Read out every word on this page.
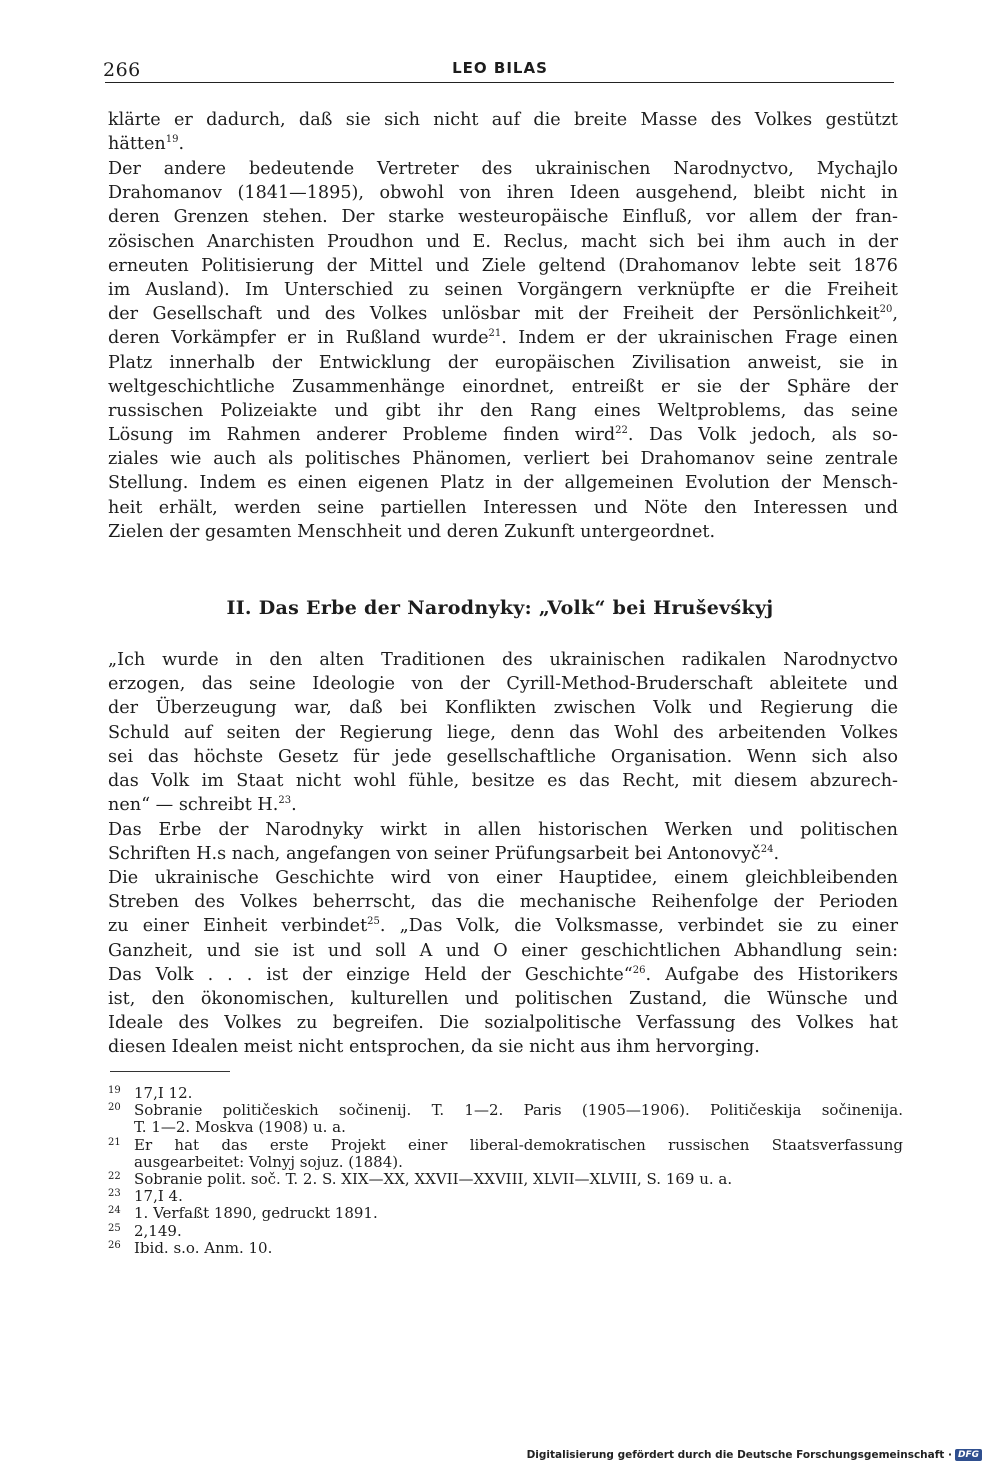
266	LEO BILAS
klärte er dadurch, daß sie sich nicht auf die breite Masse des Volkes gestützt
hätten$^{19}$.
Der andere bedeutende Vertreter des ukrainischen Narodnyctvo, Mychajlo
Drahomanov (1841—1895), obwohl von ihren Ideen ausgehend, bleibt nicht in
deren Grenzen stehen. Der starke westeuropäische Einfluß, vor allem der fran-
zösischen Anarchisten Proudhon und E. Reclus, macht sich bei ihm auch in der
erneuten Politisierung der Mittel und Ziele geltend (Drahomanov lebte seit 1876
im Ausland). Im Unterschied zu seinen Vorgängern verknüpfte er die Freiheit
der Gesellschaft und des Volkes unlösbar mit der Freiheit der Persönlichkeit$^{20}$,
deren Vorkämpfer er in Rußland wurde$^{21}$. Indem er der ukrainischen Frage einen
Platz innerhalb der Entwicklung der europäischen Zivilisation anweist, sie in
weltgeschichtliche Zusammenhänge einordnet, entreißt er sie der Sphäre der
russischen Polizeiakte und gibt ihr den Rang eines Weltproblems, das seine
Lösung im Rahmen anderer Probleme finden wird$^{22}$. Das Volk jedoch, als so-
ziales wie auch als politisches Phänomen, verliert bei Drahomanov seine zentrale
Stellung. Indem es einen eigenen Platz in der allgemeinen Evolution der Mensch-
heit erhält, werden seine partiellen Interessen und Nöte den Interessen und
Zielen der gesamten Menschheit und deren Zukunft untergeordnet.
II. Das Erbe der Narodnyky: „Volk“ bei Hruševśkyj
„Ich wurde in den alten Traditionen des ukrainischen radikalen Narodnyctvo
erzogen, das seine Ideologie von der Cyrill-Method-Bruderschaft ableitete und
der Überzeugung war, daß bei Konflikten zwischen Volk und Regierung die
Schuld auf seiten der Regierung liege, denn das Wohl des arbeitenden Volkes
sei das höchste Gesetz für jede gesellschaftliche Organisation. Wenn sich also
das Volk im Staat nicht wohl fühle, besitze es das Recht, mit diesem abzurech-
nen“ — schreibt H.$^{23}$.
Das Erbe der Narodnyky wirkt in allen historischen Werken und politischen
Schriften H.s nach, angefangen von seiner Prüfungsarbeit bei Antonovyč$^{24}$.
Die ukrainische Geschichte wird von einer Hauptidee, einem gleichbleibenden
Streben des Volkes beherrscht, das die mechanische Reihenfolge der Perioden
zu einer Einheit verbindet$^{25}$. „Das Volk, die Volksmasse, verbindet sie zu einer
Ganzheit, und sie ist und soll A und O einer geschichtlichen Abhandlung sein:
Das Volk . . . ist der einzige Held der Geschichte“$^{26}$. Aufgabe des Historikers
ist, den ökonomischen, kulturellen und politischen Zustand, die Wünsche und
Ideale des Volkes zu begreifen. Die sozialpolitische Verfassung des Volkes hat
diesen Idealen meist nicht entsprochen, da sie nicht aus ihm hervorging.
19 17,I 12.
20 Sobranie političeskich sočinenij. T. 1—2. Paris (1905—1906). Političeskija sočinenija.
T. 1—2. Moskva (1908) u. a.
21 Er hat das erste Projekt einer liberal-demokratischen russischen Staatsverfassung
ausgearbeitet: Volnyj sojuz. (1884).
22 Sobranie polit. soč. T. 2. S. XIX—XX, XXVII—XXVIII, XLVII—XLVIII, S. 169 u. a.
23 17,I 4.
24 1. Verfaßt 1890, gedruckt 1891.
25 2,149.
26 Ibid. s.o. Anm. 10.
Digitalisierung gefördert durch die Deutsche Forschungsgemeinschaft · DFG
